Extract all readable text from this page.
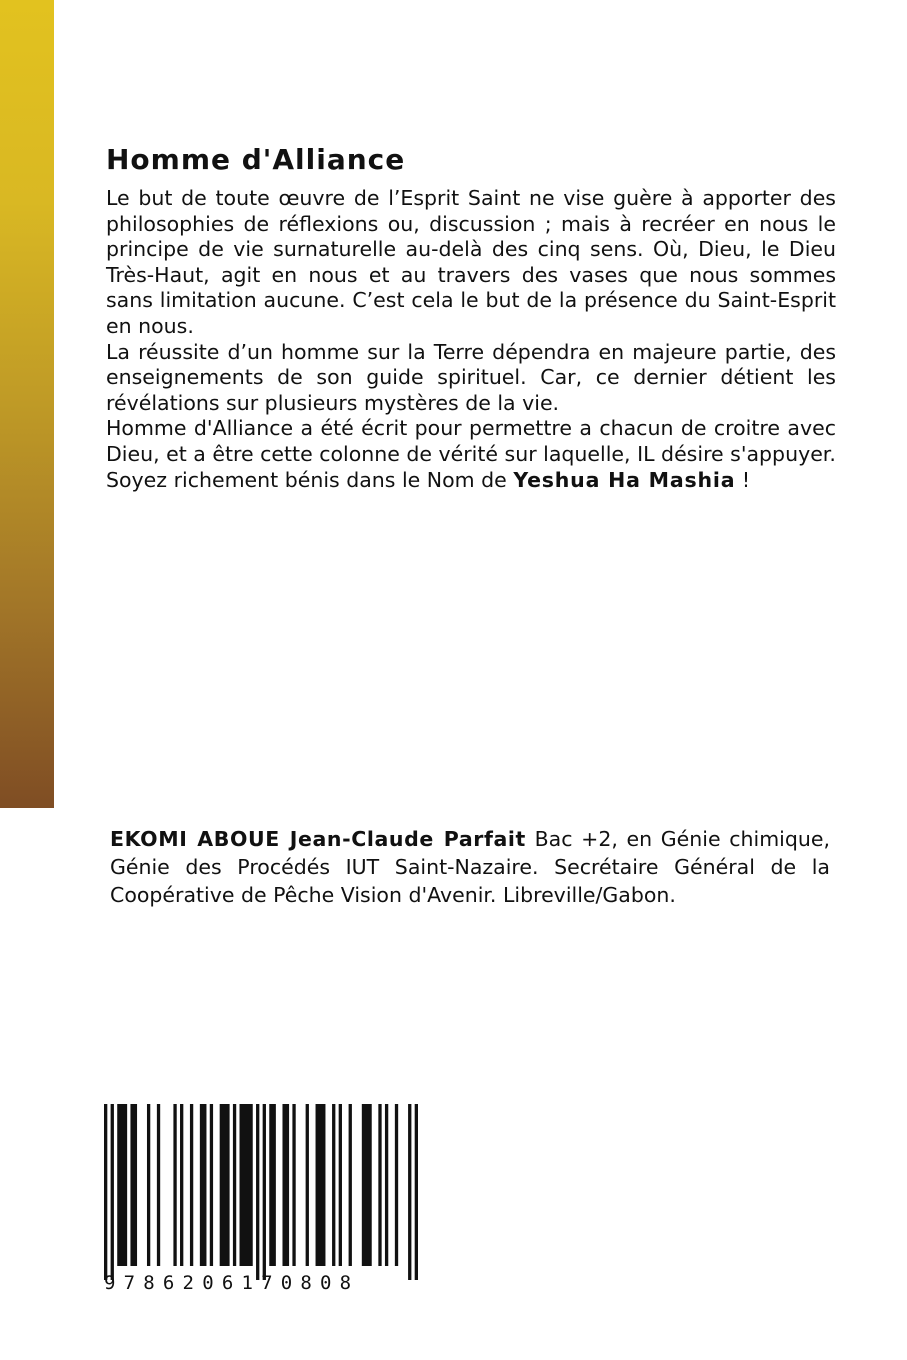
Homme d'Alliance

Le but de toute œuvre de l’Esprit Saint ne vise guère à apporter des philosophies de réflexions ou, discussion ; mais à recréer en nous le principe de vie surnaturelle au-delà des cinq sens. Où, Dieu, le Dieu Très-Haut, agit en nous et au travers des vases que nous sommes sans limitation aucune. C’est cela le but de la présence du Saint-Esprit en nous.

La réussite d’un homme sur la Terre dépendra en majeure partie, des enseignements de son guide spirituel. Car, ce dernier détient les révélations sur plusieurs mystères de la vie.

Homme d'Alliance a été écrit pour permettre a chacun de croitre avec Dieu, et a être cette colonne de vérité sur laquelle, IL désire s'appuyer.

Soyez richement bénis dans le Nom de Yeshua Ha Mashia !

EKOMI ABOUE Jean-Claude Parfait Bac +2, en Génie chimique, Génie des Procédés IUT Saint-Nazaire. Secrétaire Général de la Coopérative de Pêche Vision d'Avenir. Libreville/Gabon.

9786206170808
